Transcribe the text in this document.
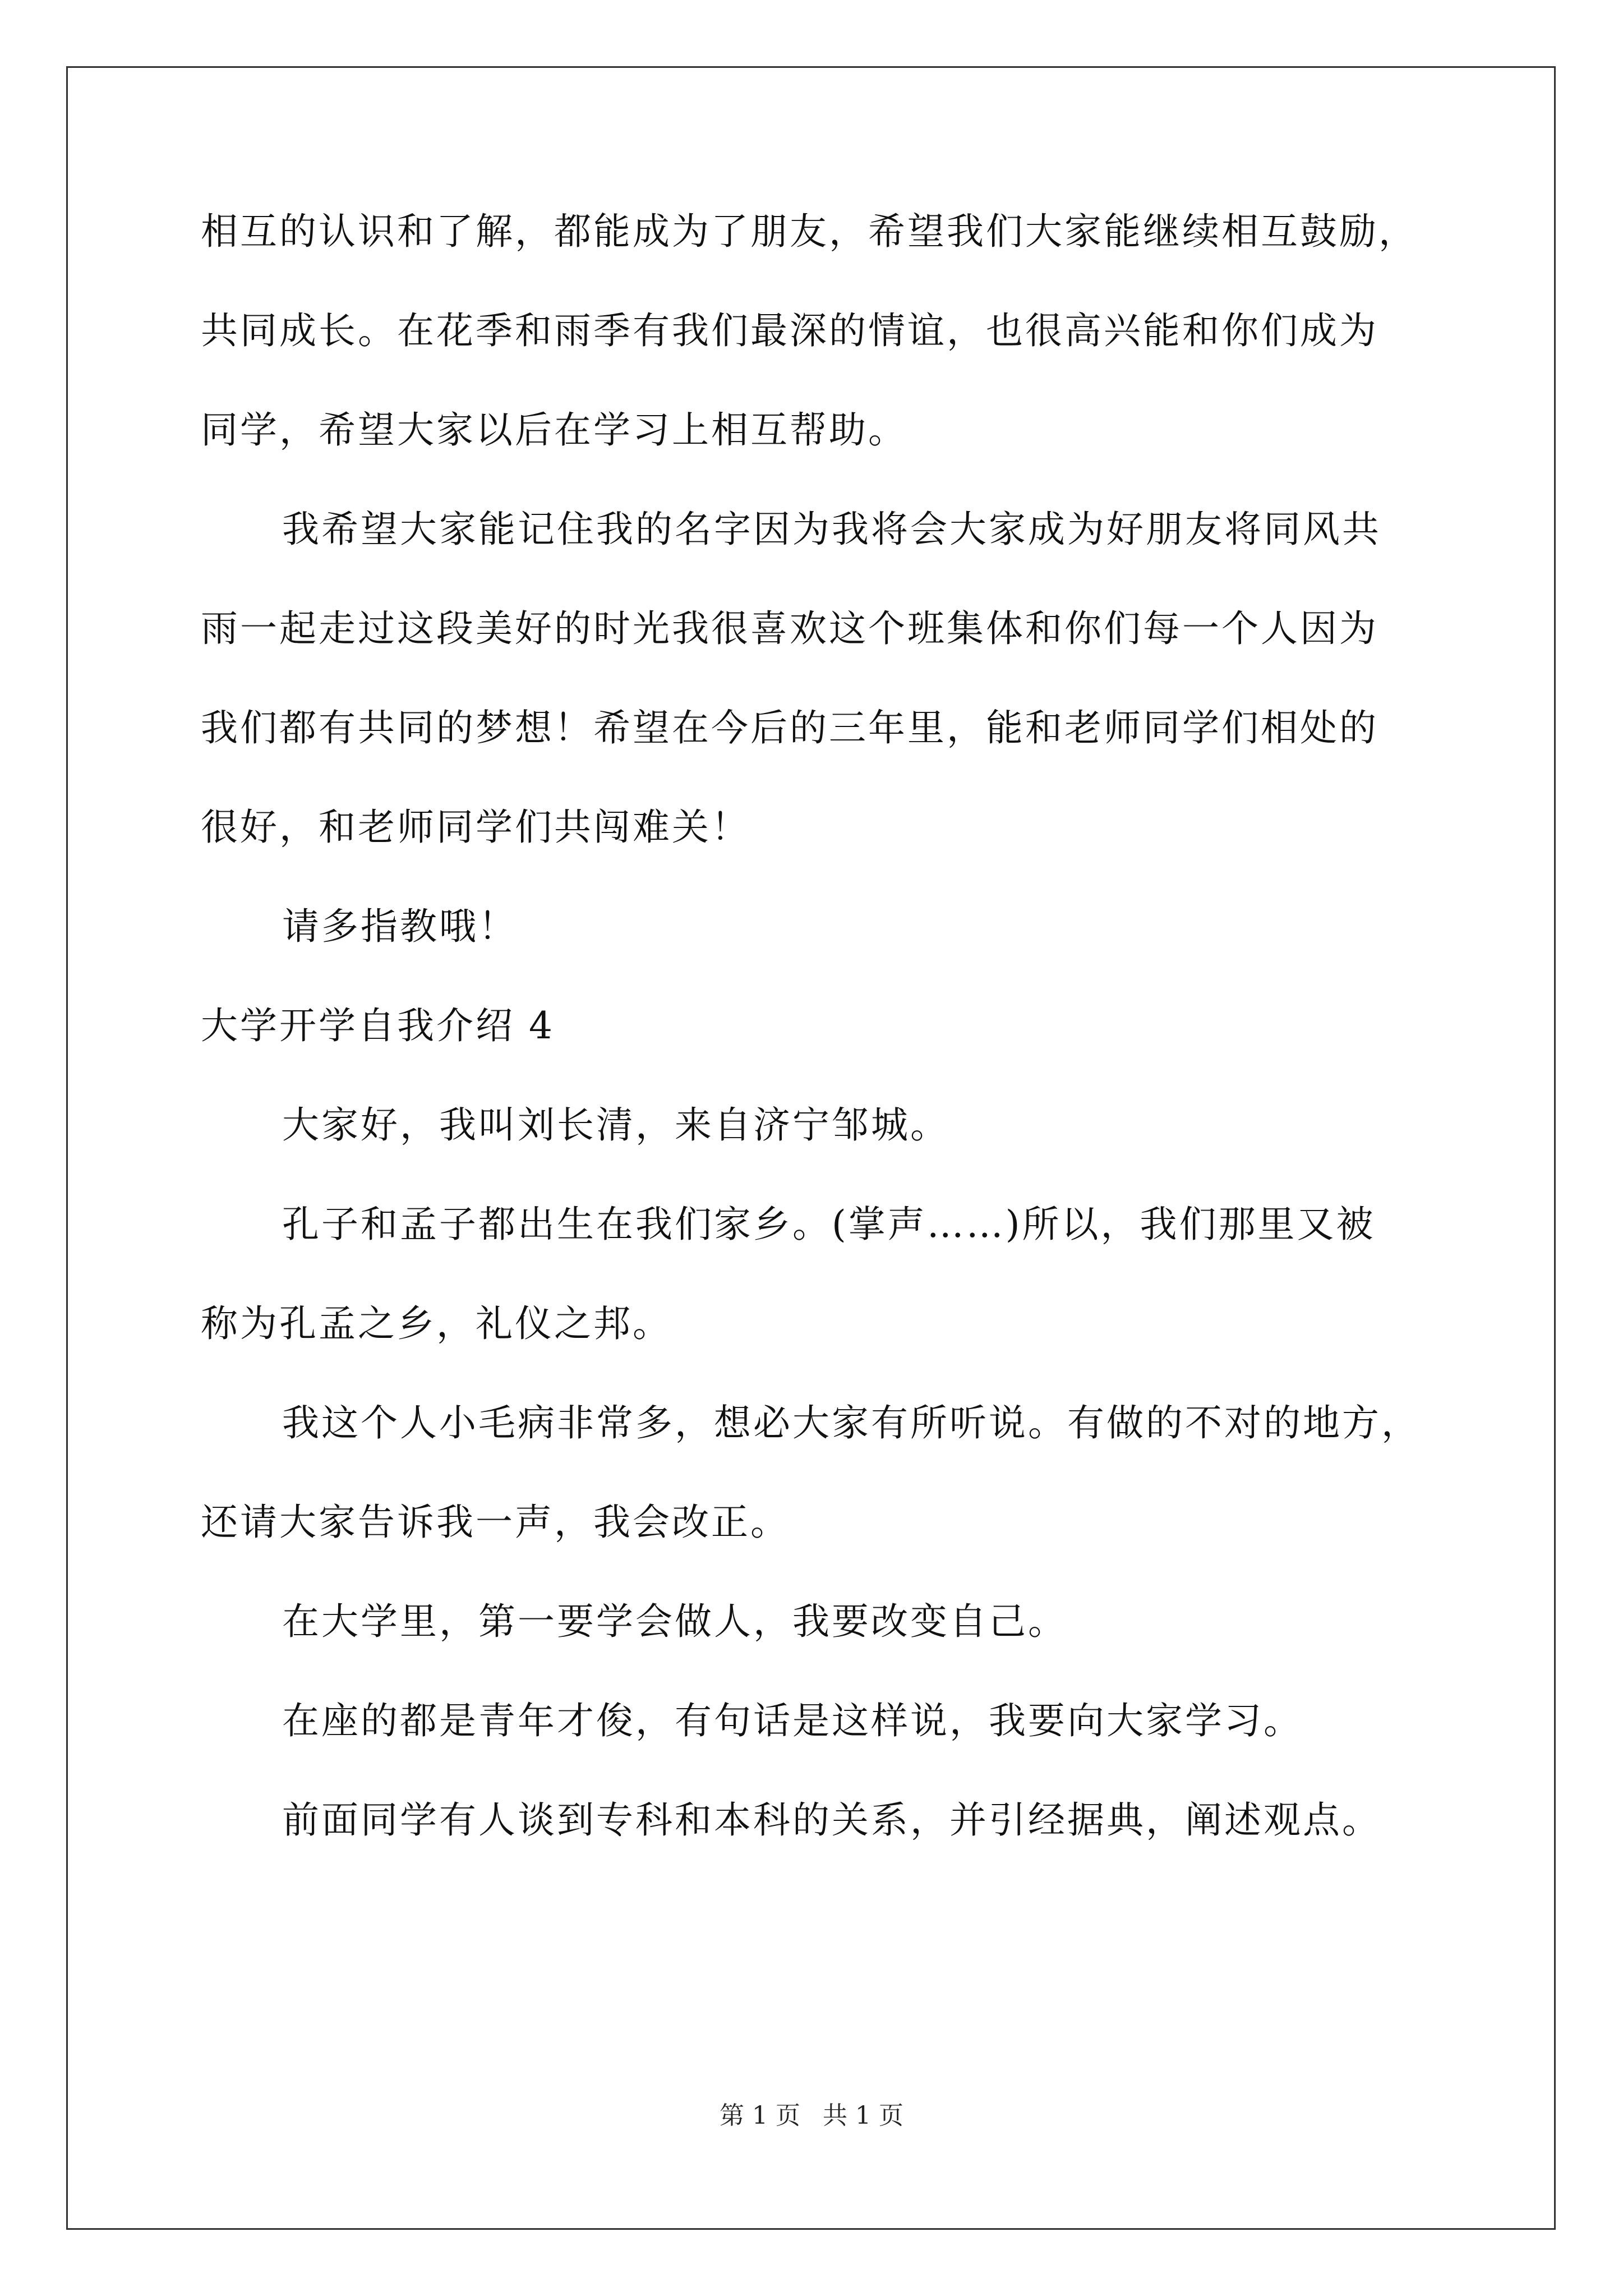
相互的认识和了解，都能成为了朋友，希望我们大家能继续相互鼓励，
共同成长。在花季和雨季有我们最深的情谊，也很高兴能和你们成为
同学，希望大家以后在学习上相互帮助。
我希望大家能记住我的名字因为我将会大家成为好朋友将同风共
雨一起走过这段美好的时光我很喜欢这个班集体和你们每一个人因为
我们都有共同的梦想！希望在今后的三年里，能和老师同学们相处的
很好，和老师同学们共闯难关！
请多指教哦！
大学开学自我介绍 4
大家好，我叫刘长清，来自济宁邹城。
孔子和孟子都出生在我们家乡。(掌声……)所以，我们那里又被
称为孔孟之乡，礼仪之邦。
我这个人小毛病非常多，想必大家有所听说。有做的不对的地方，
还请大家告诉我一声，我会改正。
在大学里，第一要学会做人，我要改变自己。
在座的都是青年才俊，有句话是这样说，我要向大家学习。
前面同学有人谈到专科和本科的关系，并引经据典，阐述观点。
第 1 页 共 1 页
